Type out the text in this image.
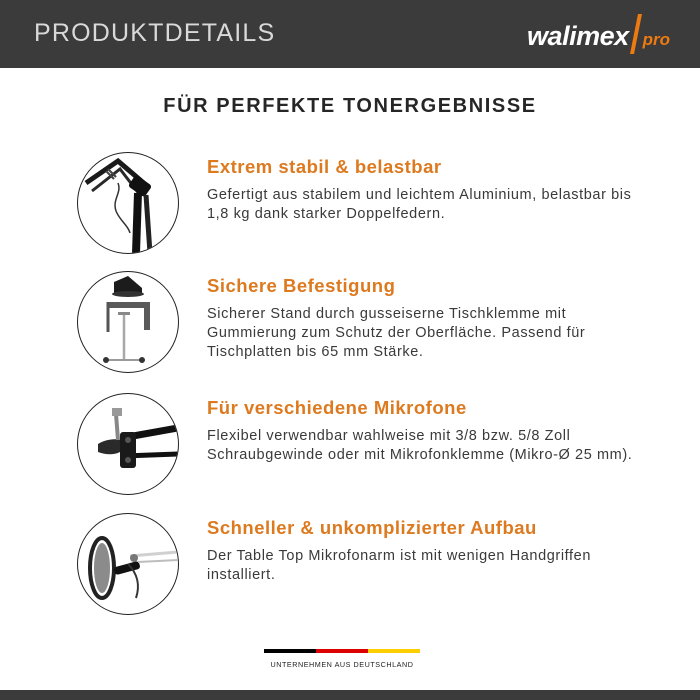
PRODUKTDETAILS	walimex pro
FÜR PERFEKTE TONERGEBNISSE
Extrem stabil & belastbar
Gefertigt aus stabilem und leichtem Aluminium, belastbar bis 1,8 kg dank starker Doppelfedern.
Sichere Befestigung
Sicherer Stand durch gusseiserne Tischklemme mit Gummierung zum Schutz der Oberfläche. Passend für Tischplatten bis 65 mm Stärke.
Für verschiedene Mikrofone
Flexibel verwendbar wahlweise mit 3/8 bzw. 5/8 Zoll Schraubgewinde oder mit Mikrofonklemme (Mikro-Ø 25 mm).
Schneller & unkomplizierter Aufbau
Der Table Top Mikrofonarm ist mit wenigen Handgriffen installiert.
UNTERNEHMEN AUS DEUTSCHLAND
